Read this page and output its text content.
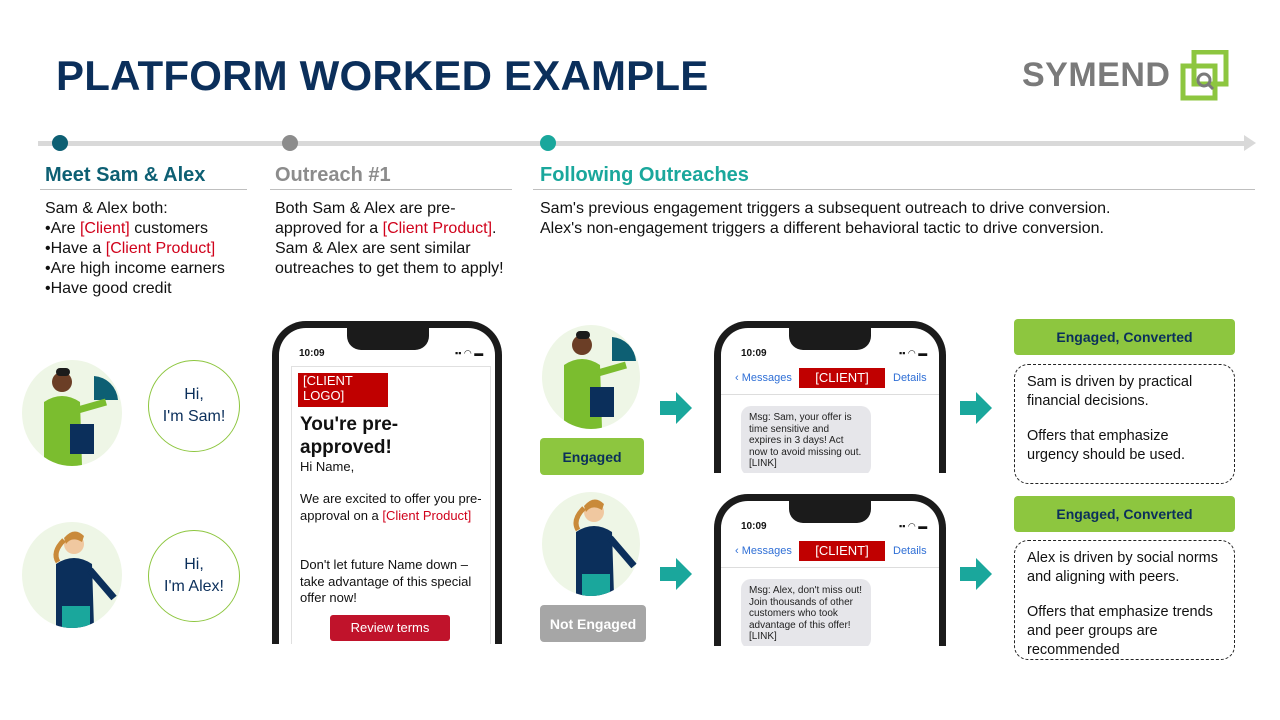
PLATFORM WORKED EXAMPLE	SYMEND
Meet Sam & Alex	Outreach #1	Following Outreaches
Sam & Alex both:
•Are [Client] customers
•Have a [Client Product]
•Are high income earners
•Have good credit
Hi,
I'm Sam!
Hi,
I'm Alex!
Both Sam & Alex are pre-approved for a [Client Product]. Sam & Alex are sent similar outreaches to get them to apply!
10:09	▪▪ ◠ ▬
[CLIENT LOGO]
You're pre-approved!
Hi Name,
We are excited to offer you pre-approval on a [Client Product]
Don't let future Name down – take advantage of this special offer now!
Review terms
Sam's previous engagement triggers a subsequent outreach to drive conversion.
Alex's non-engagement triggers a different behavioral tactic to drive conversion.
Engaged
10:09	▪▪ ◠ ▬
‹ Messages	[CLIENT]	Details
Msg: Sam, your offer is time sensitive and expires in 3 days! Act now to avoid missing out. [LINK]
Engaged, Converted
Sam is driven by practical financial decisions.
Offers that emphasize urgency should be used.
Not Engaged
10:09	▪▪ ◠ ▬
‹ Messages	[CLIENT]	Details
Msg: Alex, don't miss out! Join thousands of other customers who took advantage of this offer! [LINK]
Engaged, Converted
Alex is driven by social norms and aligning with peers.
Offers that emphasize trends and peer groups are recommended
